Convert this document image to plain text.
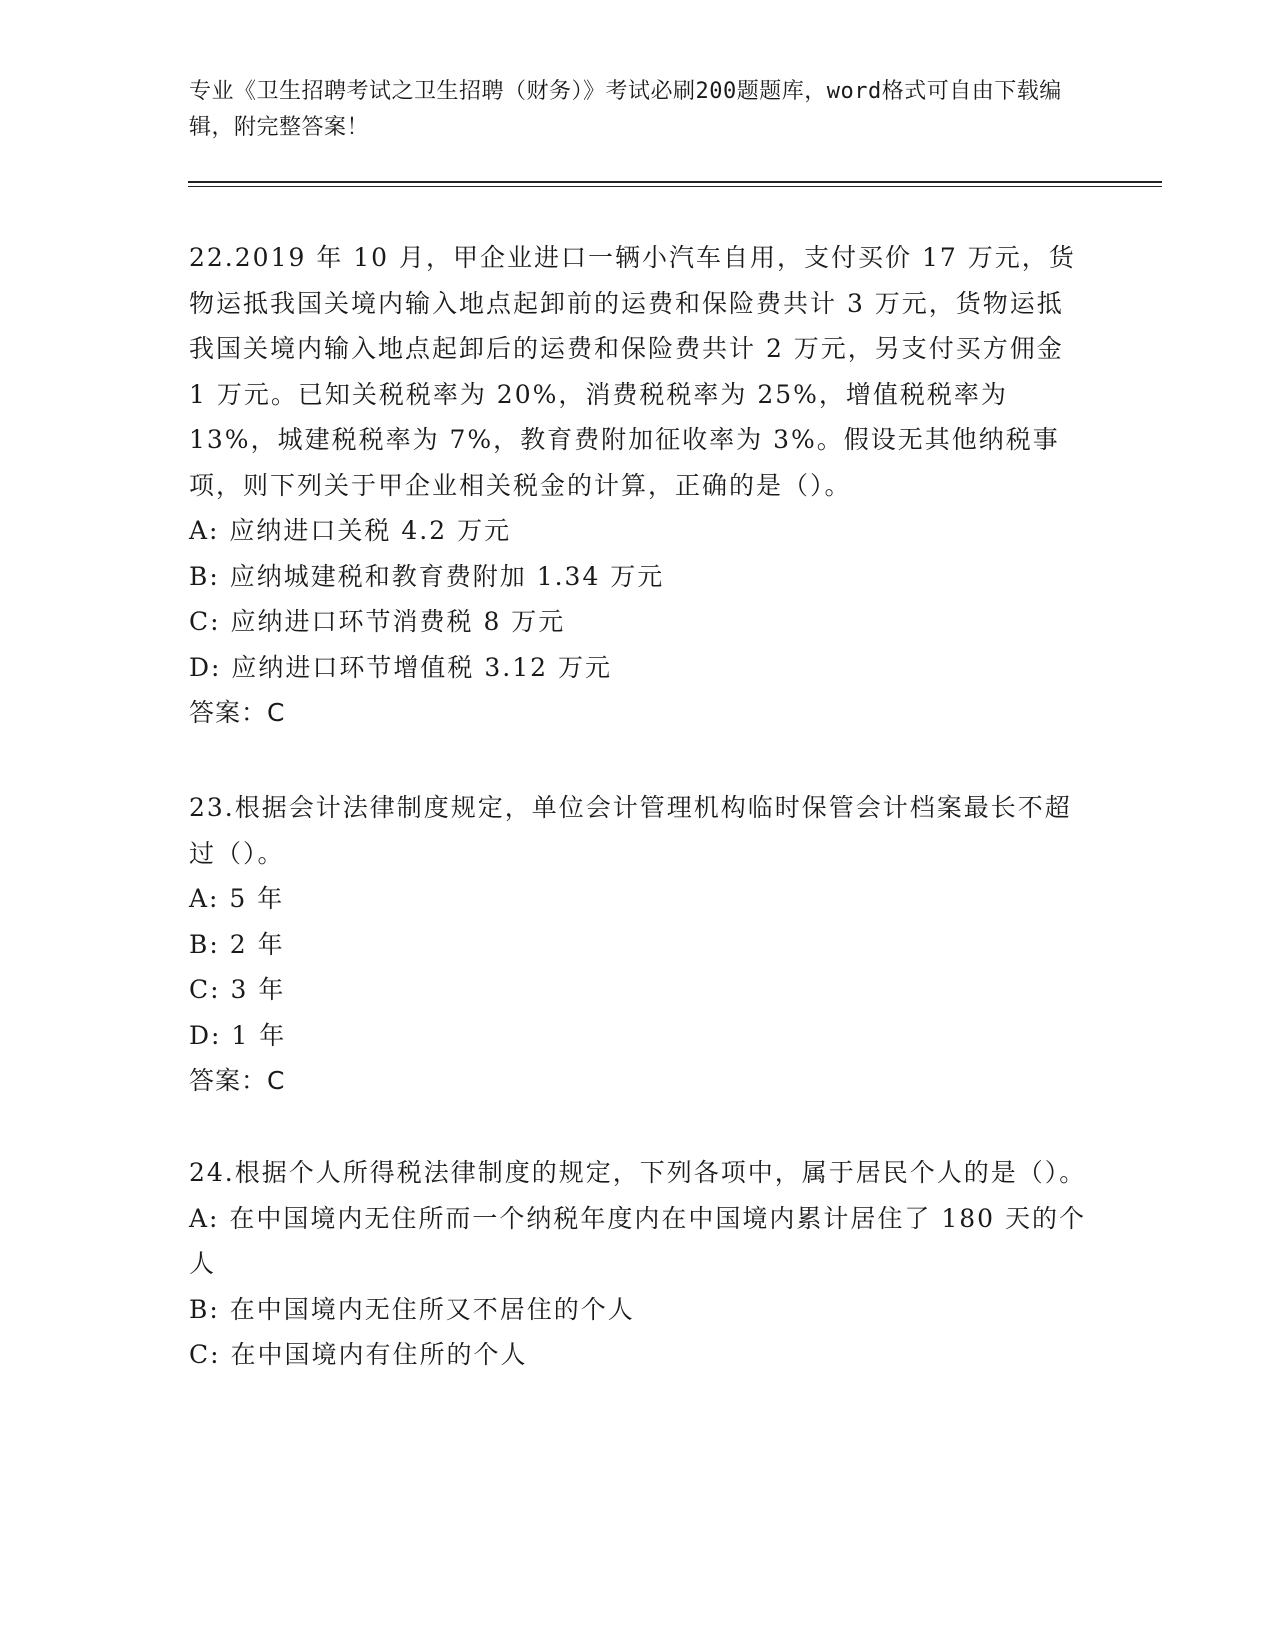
专业《卫生招聘考试之卫生招聘（财务）》考试必刷200题题库，word格式可自由下载编辑，附完整答案！

22.2019 年 10 月，甲企业进口一辆小汽车自用，支付买价 17 万元，货物运抵我国关境内输入地点起卸前的运费和保险费共计 3 万元，货物运抵我国关境内输入地点起卸后的运费和保险费共计 2 万元，另支付买方佣金 1 万元。已知关税税率为 20%，消费税税率为 25%，增值税税率为 13%，城建税税率为 7%，教育费附加征收率为 3%。假设无其他纳税事项，则下列关于甲企业相关税金的计算，正确的是（）。

A: 应纳进口关税 4.2 万元

B: 应纳城建税和教育费附加 1.34 万元

C: 应纳进口环节消费税 8 万元

D: 应纳进口环节增值税 3.12 万元

答案：C

23.根据会计法律制度规定，单位会计管理机构临时保管会计档案最长不超过（）。

A: 5 年

B: 2 年

C: 3 年

D: 1 年

答案：C

24.根据个人所得税法律制度的规定，下列各项中，属于居民个人的是（）。

A: 在中国境内无住所而一个纳税年度内在中国境内累计居住了 180 天的个人

B: 在中国境内无住所又不居住的个人

C: 在中国境内有住所的个人
